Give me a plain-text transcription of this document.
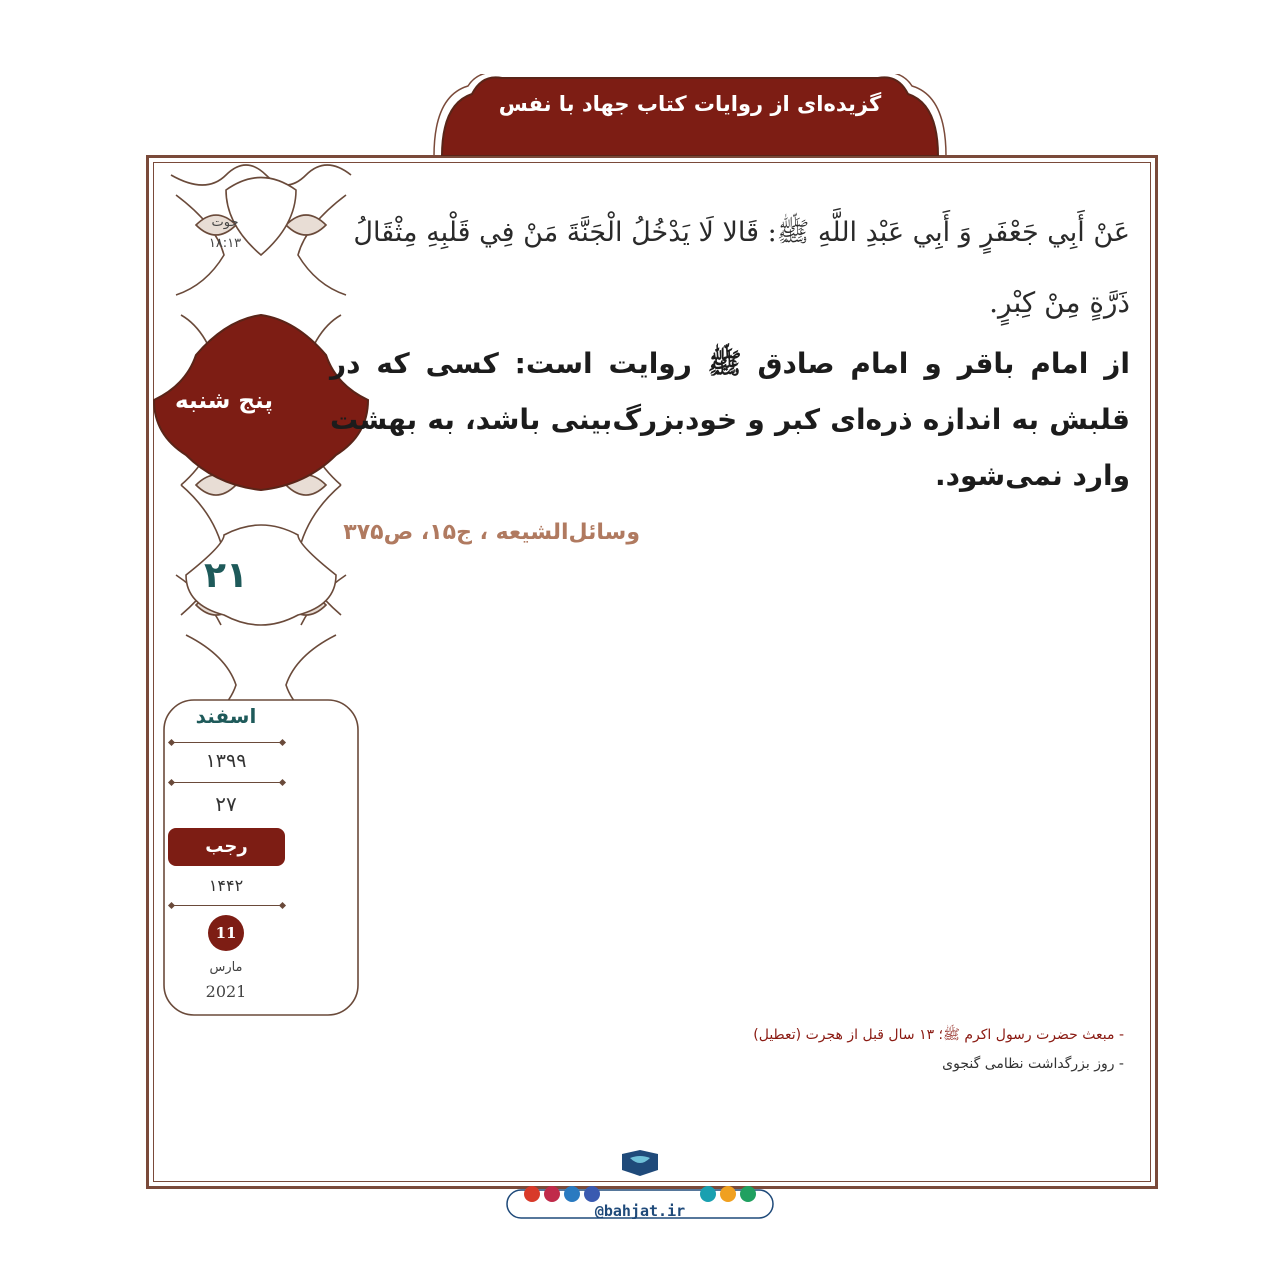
گزیده‌ای از روایات کتاب جهاد با نفس
حوت
۱۸:۱۳
پنج شنبه
۲۱
اسفند
۱۳۹۹
۲۷
رجب
۱۴۴۲
11
مارس
2021
عَنْ أَبِي جَعْفَرٍ وَ أَبِي عَبْدِ اللَّهِ ﷺ: قَالا لَا يَدْخُلُ الْجَنَّةَ مَنْ فِي قَلْبِهِ مِثْقَالُ
ذَرَّةٍ مِنْ كِبْرٍ.
از امام باقر و امام صادق ﷺ روایت است: کسی که در قلبش به اندازه ذره‌ای کبر و خودبزرگ‌بینی باشد، به بهشت وارد نمی‌شود.
وسائل‌الشیعه ، ج۱۵، ص۳۷۵
- مبعث حضرت رسول اکرم ﷺ؛ ۱۳ سال قبل از هجرت (تعطیل)
- روز بزرگداشت نظامی گنجوی
@bahjat.ir
